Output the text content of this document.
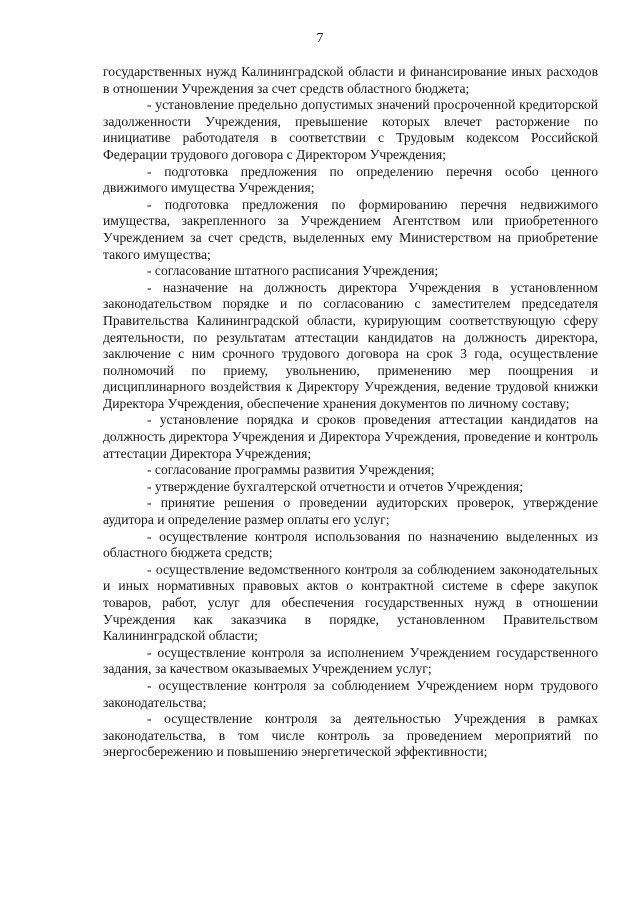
7

государственных нужд Калининградской области и финансирование иных расходов в отношении Учреждения за счет средств областного бюджета;

- установление предельно допустимых значений просроченной кредиторской задолженности Учреждения, превышение которых влечет расторжение по инициативе работодателя в соответствии с Трудовым кодексом Российской Федерации трудового договора с Директором Учреждения;

- подготовка предложения по определению перечня особо ценного движимого имущества Учреждения;

- подготовка предложения по формированию перечня недвижимого имущества, закрепленного за Учреждением Агентством или приобретенного Учреждением за счет средств, выделенных ему Министерством на приобретение такого имущества;

- согласование штатного расписания Учреждения;

- назначение на должность директора Учреждения в установленном законодательством порядке и по согласованию с заместителем председателя Правительства Калининградской области, курирующим соответствующую сферу деятельности, по результатам аттестации кандидатов на должность директора, заключение с ним срочного трудового договора на срок 3 года, осуществление полномочий по приему, увольнению, применению мер поощрения и дисциплинарного воздействия к Директору Учреждения, ведение трудовой книжки Директора Учреждения, обеспечение хранения документов по личному составу;

- установление порядка и сроков проведения аттестации кандидатов на должность директора Учреждения и Директора Учреждения, проведение и контроль аттестации Директора Учреждения;

- согласование программы развития Учреждения;

- утверждение бухгалтерской отчетности и отчетов Учреждения;

- принятие решения о проведении аудиторских проверок, утверждение аудитора и определение размер оплаты его услуг;

- осуществление контроля использования по назначению выделенных из областного бюджета средств;

- осуществление ведомственного контроля за соблюдением законодательных и иных нормативных правовых актов о контрактной системе в сфере закупок товаров, работ, услуг для обеспечения государственных нужд в отношении Учреждения как заказчика в порядке, установленном Правительством Калининградской области;

- осуществление контроля за исполнением Учреждением государственного задания, за качеством оказываемых Учреждением услуг;

- осуществление контроля за соблюдением Учреждением норм трудового законодательства;

- осуществление контроля за деятельностью Учреждения в рамках законодательства, в том числе контроль за проведением мероприятий по энергосбережению и повышению энергетической эффективности;
